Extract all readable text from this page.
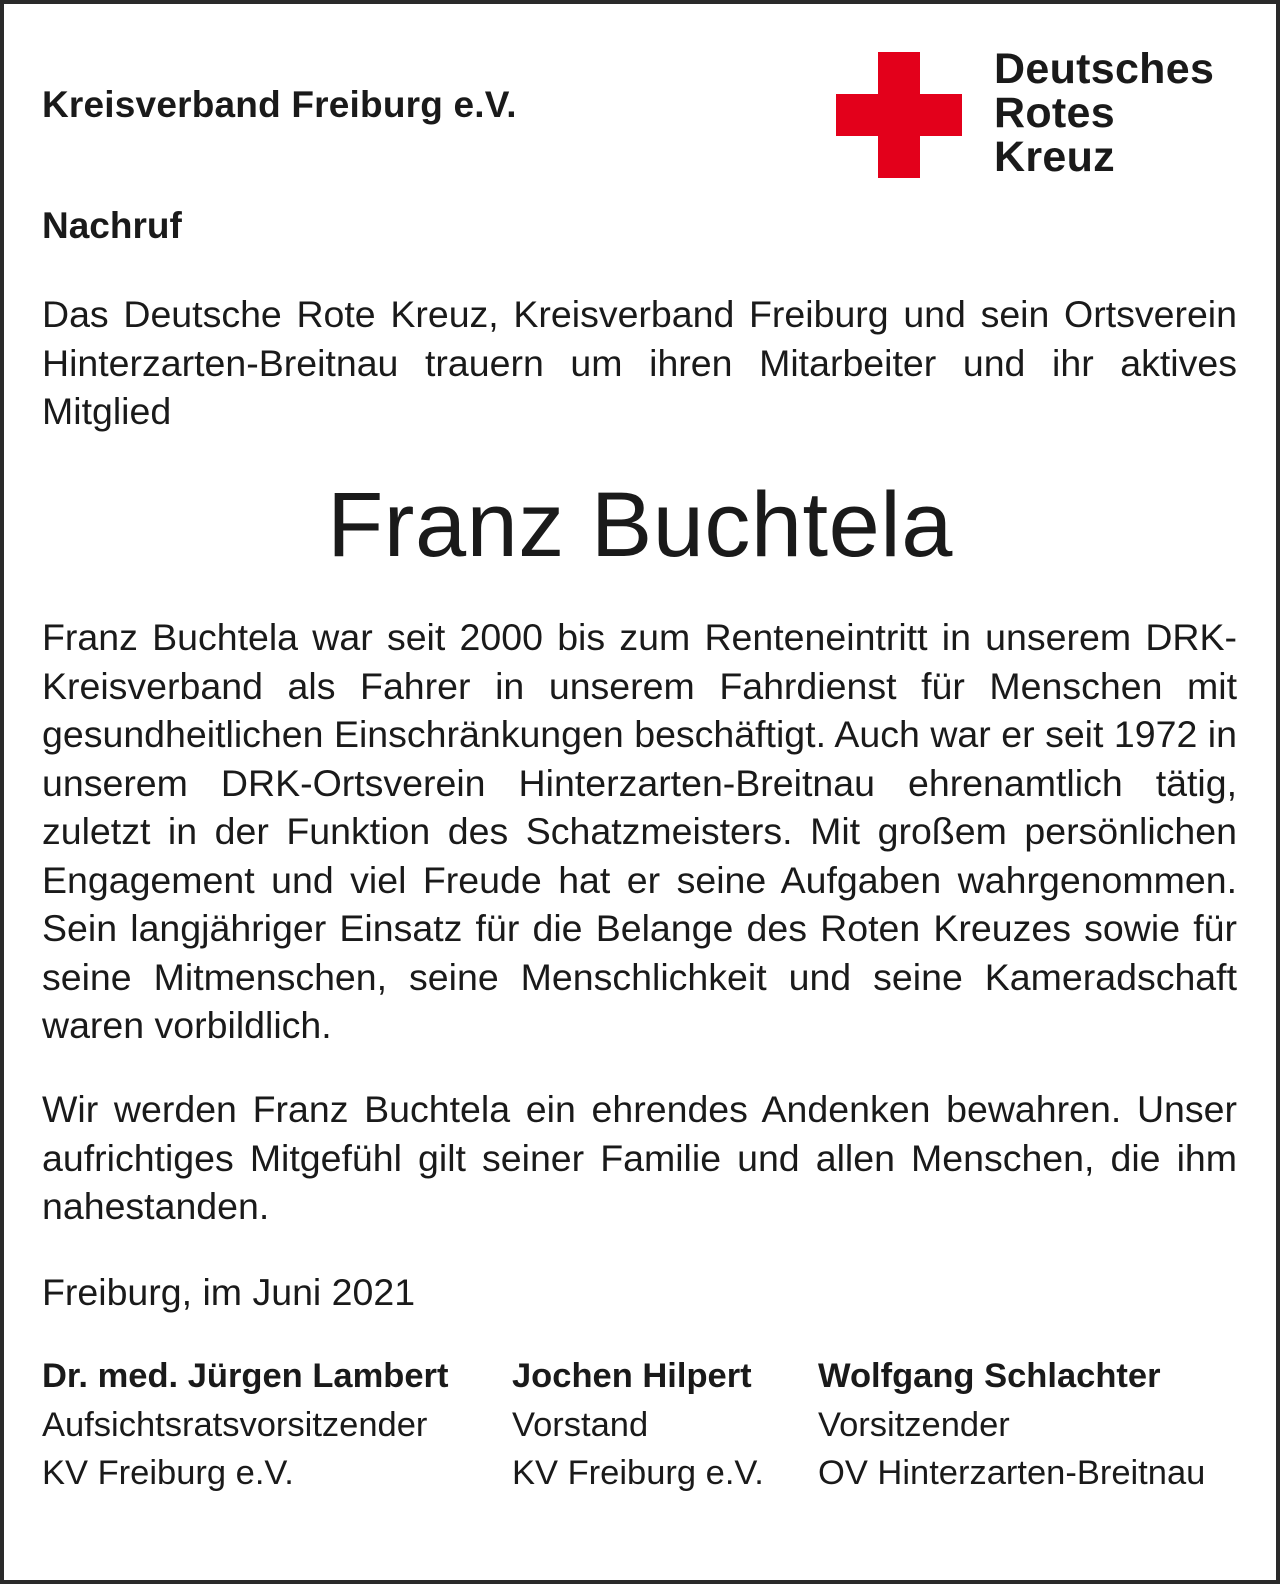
Kreisverband Freiburg e.V.
Deutsches
Rotes
Kreuz
Nachruf
Das Deutsche Rote Kreuz, Kreisverband Freiburg und sein Ortsverein Hinterzarten-Breitnau trauern um ihren Mitarbeiter und ihr aktives Mitglied
Franz Buchtela
Franz Buchtela war seit 2000 bis zum Renteneintritt in unserem DRK-Kreisverband als Fahrer in unserem Fahrdienst für Menschen mit gesundheitlichen Einschränkungen beschäftigt. Auch war er seit 1972 in unserem DRK-Ortsverein Hinterzarten-Breitnau ehrenamtlich tätig, zuletzt in der Funktion des Schatzmeisters. Mit großem persönlichen Engagement und viel Freude hat er seine Aufgaben wahrgenommen. Sein langjähriger Einsatz für die Belange des Roten Kreuzes sowie für seine Mitmenschen, seine Menschlichkeit und seine Kameradschaft waren vorbildlich.
Wir werden Franz Buchtela ein ehrendes Andenken bewahren. Unser aufrichtiges Mitgefühl gilt seiner Familie und allen Menschen, die ihm nahestanden.
Freiburg, im Juni 2021
Dr. med. Jürgen Lambert
Aufsichtsratsvorsitzender
KV Freiburg e.V.
Jochen Hilpert
Vorstand
KV Freiburg e.V.
Wolfgang Schlachter
Vorsitzender
OV Hinterzarten-Breitnau
